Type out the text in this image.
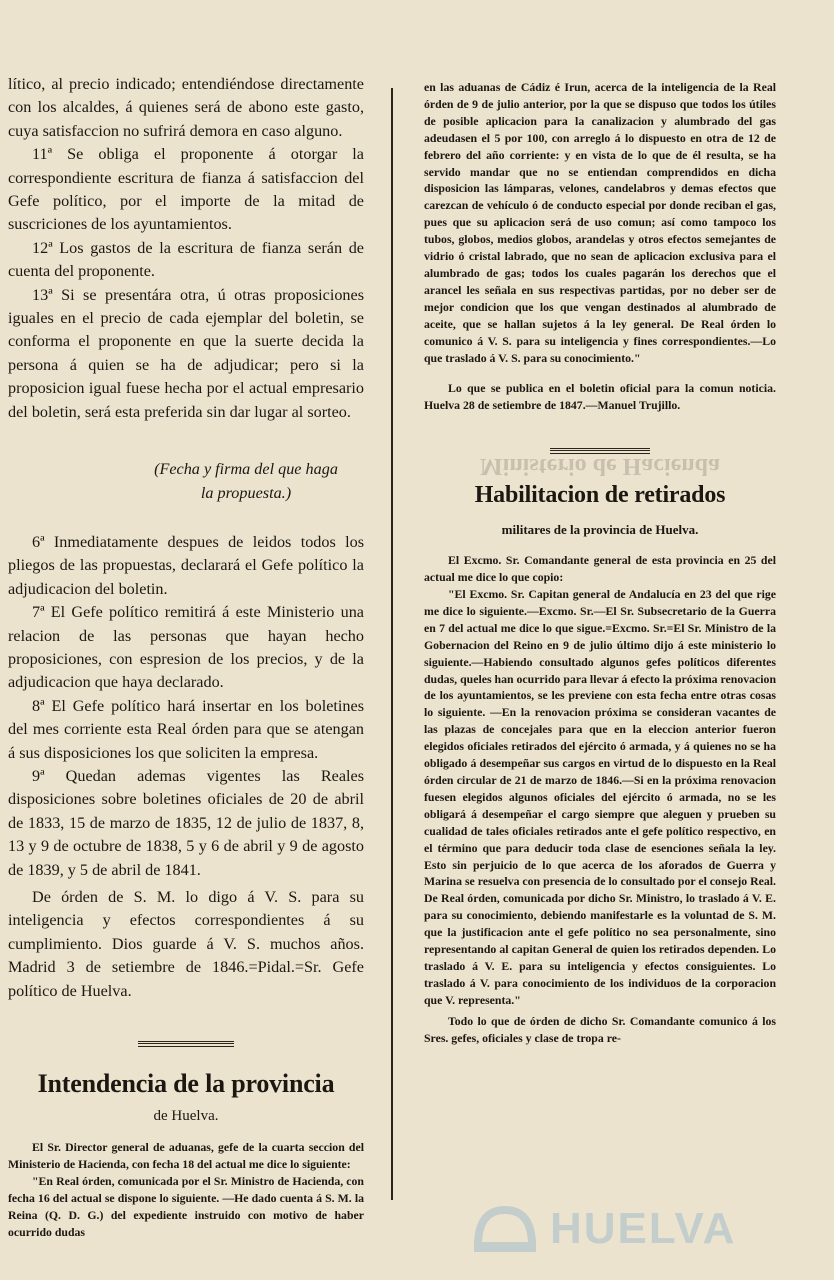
lítico, al precio indicado; entendiéndose directamente con los alcaldes, á quienes será de abono este gasto, cuya satisfaccion no sufrirá demora en caso alguno.

11ª Se obliga el proponente á otorgar la correspondiente escritura de fianza á satisfaccion del Gefe político, por el importe de la mitad de suscriciones de los ayuntamientos.

12ª Los gastos de la escritura de fianza serán de cuenta del proponente.

13ª Si se presentára otra, ú otras proposiciones iguales en el precio de cada ejemplar del boletin, se conforma el proponente en que la suerte decida la persona á quien se ha de adjudicar; pero si la proposicion igual fuese hecha por el actual empresario del boletin, será esta preferida sin dar lugar al sorteo.

(Fecha y firma del que haga

la propuesta.)

6ª Inmediatamente despues de leidos todos los pliegos de las propuestas, declarará el Gefe político la adjudicacion del boletin.

7ª El Gefe político remitirá á este Ministerio una relacion de las personas que hayan hecho proposiciones, con espresion de los precios, y de la adjudicacion que haya declarado.

8ª El Gefe político hará insertar en los boletines del mes corriente esta Real órden para que se atengan á sus disposiciones los que soliciten la empresa.

9ª Quedan ademas vigentes las Reales disposiciones sobre boletines oficiales de 20 de abril de 1833, 15 de marzo de 1835, 12 de julio de 1837, 8, 13 y 9 de octubre de 1838, 5 y 6 de abril y 9 de agosto de 1839, y 5 de abril de 1841.

De órden de S. M. lo digo á V. S. para su inteligencia y efectos correspondientes á su cumplimiento. Dios guarde á V. S. muchos años. Madrid 3 de setiembre de 1846.=Pidal.=Sr. Gefe político de Huelva.

Intendencia de la provincia

de Huelva.

El Sr. Director general de aduanas, gefe de la cuarta seccion del Ministerio de Hacienda, con fecha 18 del actual me dice lo siguiente:

"En Real órden, comunicada por el Sr. Ministro de Hacienda, con fecha 16 del actual se dispone lo siguiente. —He dado cuenta á S. M. la Reina (Q. D. G.) del expediente instruido con motivo de haber ocurrido dudas

en las aduanas de Cádiz é Irun, acerca de la inteligencia de la Real órden de 9 de julio anterior, por la que se dispuso que todos los útiles de posible aplicacion para la canalizacion y alumbrado del gas adeudasen el 5 por 100, con arreglo á lo dispuesto en otra de 12 de febrero del año corriente: y en vista de lo que de él resulta, se ha servido mandar que no se entiendan comprendidos en dicha disposicion las lámparas, velones, candelabros y demas efectos que carezcan de vehículo ó de conducto especial por donde reciban el gas, pues que su aplicacion será de uso comun; así como tampoco los tubos, globos, medios globos, arandelas y otros efectos semejantes de vidrio ó cristal labrado, que no sean de aplicacion exclusiva para el alumbrado de gas; todos los cuales pagarán los derechos que el arancel les señala en sus respectivas partidas, por no deber ser de mejor condicion que los que vengan destinados al alumbrado de aceite, que se hallan sujetos á la ley general. De Real órden lo comunico á V. S. para su inteligencia y fines correspondientes.—Lo que traslado á V. S. para su conocimiento."

Lo que se publica en el boletin oficial para la comun noticia. Huelva 28 de setiembre de 1847.—Manuel Trujillo.

Ministerio de Hacienda

Habilitacion de retirados

militares de la provincia de Huelva.

El Excmo. Sr. Comandante general de esta provincia en 25 del actual me dice lo que copio:

"El Excmo. Sr. Capitan general de Andalucía en 23 del que rige me dice lo siguiente.—Excmo. Sr.—El Sr. Subsecretario de la Guerra en 7 del actual me dice lo que sigue.=Excmo. Sr.=El Sr. Ministro de la Gobernacion del Reino en 9 de julio último dijo á este ministerio lo siguiente.—Habiendo consultado algunos gefes políticos diferentes dudas, queles han ocurrido para llevar á efecto la próxima renovacion de los ayuntamientos, se les previene con esta fecha entre otras cosas lo siguiente. —En la renovacion próxima se consideran vacantes de las plazas de concejales para que en la eleccion anterior fueron elegidos oficiales retirados del ejército ó armada, y á quienes no se ha obligado á desempeñar sus cargos en virtud de lo dispuesto en la Real órden circular de 21 de marzo de 1846.—Si en la próxima renovacion fuesen elegidos algunos oficiales del ejército ó armada, no se les obligará á desempeñar el cargo siempre que aleguen y prueben su cualidad de tales oficiales retirados ante el gefe político respectivo, en el término que para deducir toda clase de esenciones señala la ley. Esto sin perjuicio de lo que acerca de los aforados de Guerra y Marina se resuelva con presencia de lo consultado por el consejo Real. De Real órden, comunicada por dicho Sr. Ministro, lo traslado á V. E. para su conocimiento, debiendo manifestarle es la voluntad de S. M. que la justificacion ante el gefe político no sea personalmente, sino representando al capitan General de quien los retirados dependen. Lo traslado á V. E. para su inteligencia y efectos consiguientes. Lo traslado á V. para conocimiento de los individuos de la corporacion que V. representa."

Todo lo que de órden de dicho Sr. Comandante comunico á los Sres. gefes, oficiales y clase de tropa re-

HUELVA
